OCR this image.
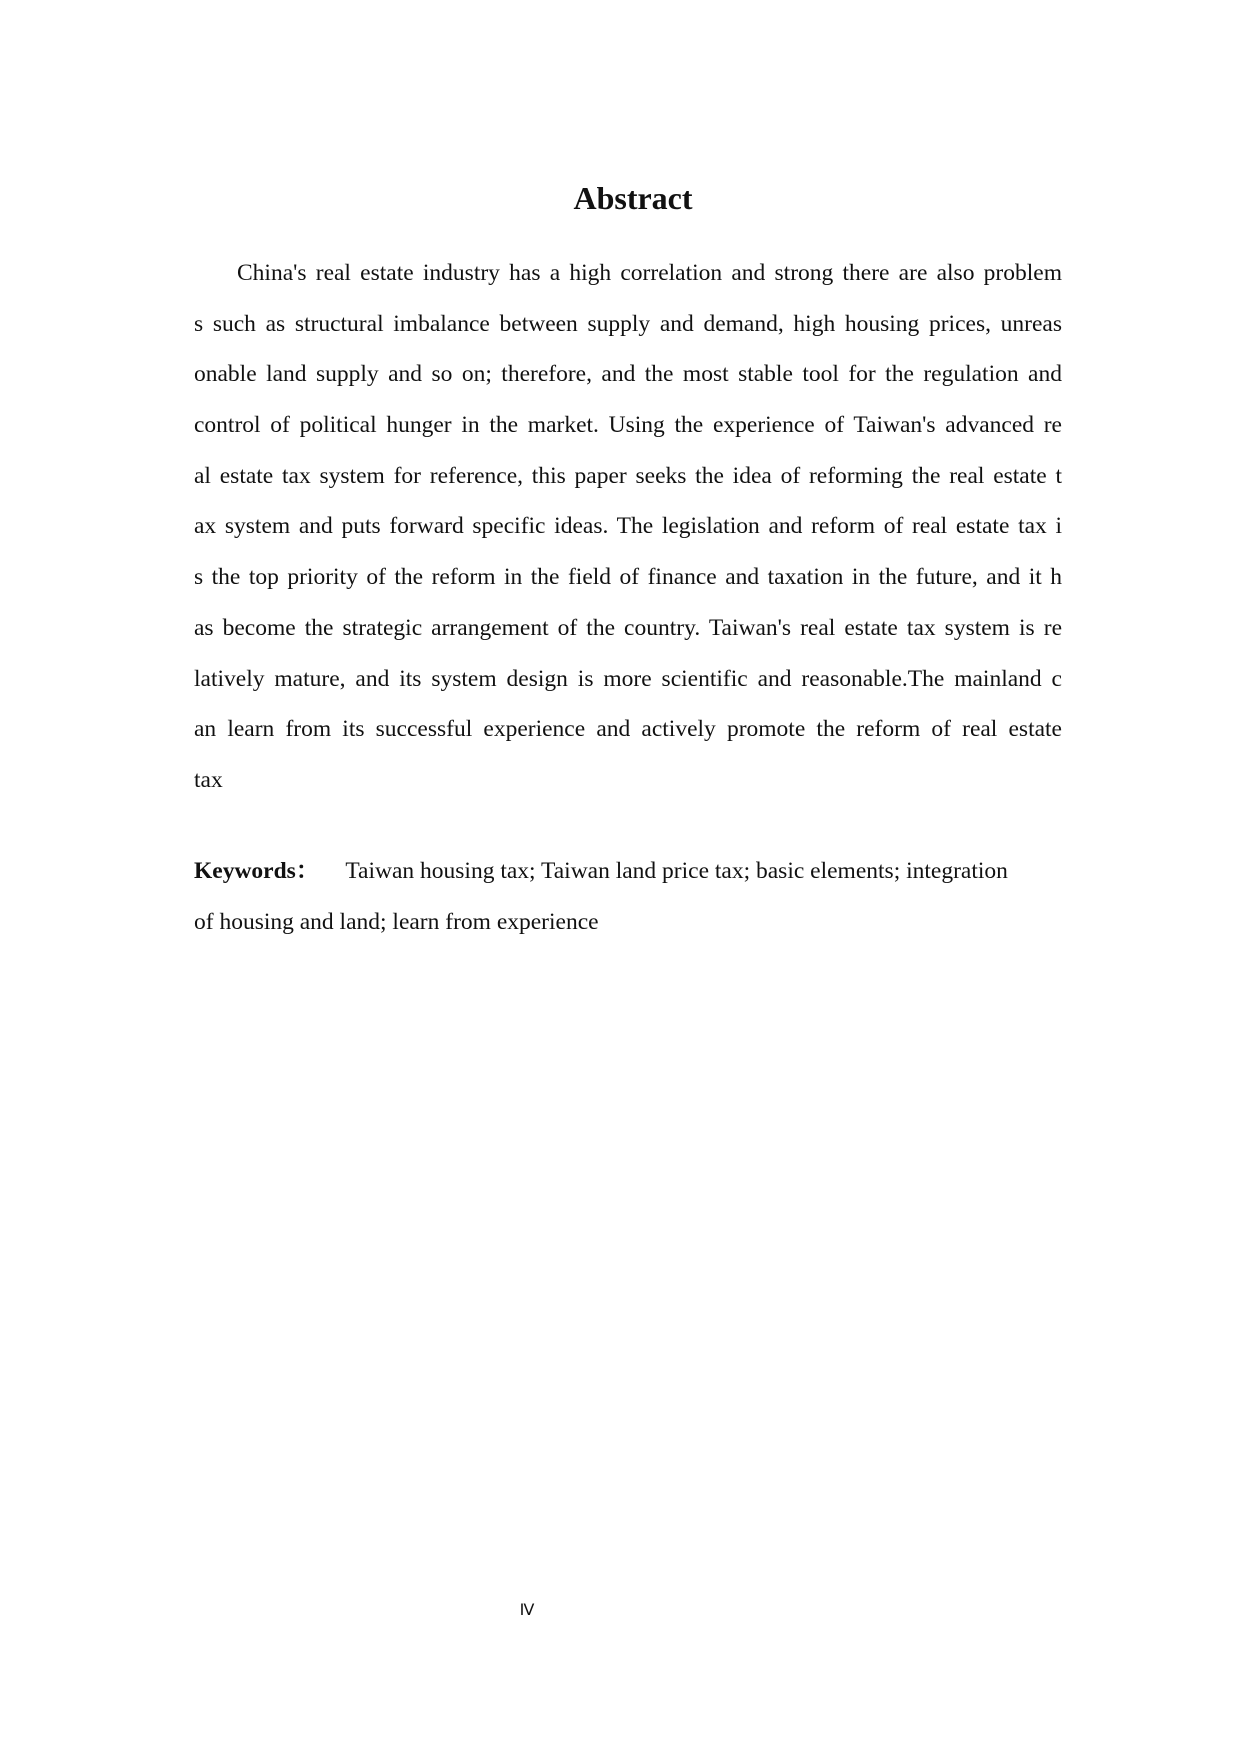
Abstract
China's real estate industry has a high correlation and strong there are also problem
s such as structural imbalance between supply and demand, high housing prices, unreas
onable land supply and so on; therefore, and the most stable tool for the regulation and
control of political hunger in the market. Using the experience of Taiwan's advanced re
al estate tax system for reference, this paper seeks the idea of reforming the real estate t
ax system and puts forward specific ideas. The legislation and reform of real estate tax i
s the top priority of the reform in the field of finance and taxation in the future, and it h
as become the strategic arrangement of the country. Taiwan's real estate tax system is re
latively mature, and its system design is more scientific and reasonable.The mainland c
an learn from its successful experience and actively promote the reform of real estate
tax
Keywords： Taiwan housing tax; Taiwan land price tax; basic elements; integration
of housing and land; learn from experience
Ⅳ
